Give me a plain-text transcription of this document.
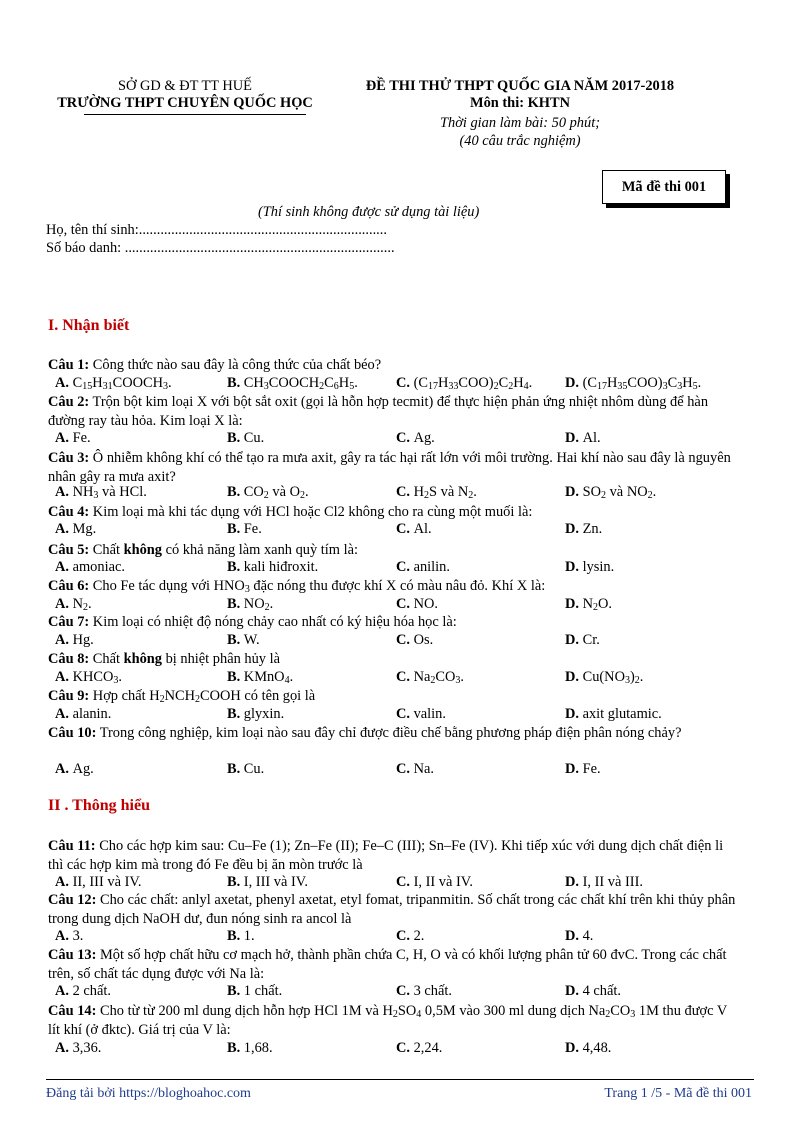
SỞ GD & ĐT TT HUẾ
TRƯỜNG THPT CHUYÊN QUỐC HỌC
ĐỀ THI THỬ THPT QUỐC GIA NĂM 2017-2018
Môn thi: KHTN
Thời gian làm bài: 50 phút;
(40 câu trắc nghiệm)
Mã đề thi 001
(Thí sinh không được sử dụng tài liệu)
Họ, tên thí sinh:.....................................................................
Số báo danh: ...........................................................................
I. Nhận biết
Câu 1: Công thức nào sau đây là công thức của chất béo?
A. $C_{15}H_{31}COOCH_3$.	B. $CH_3COOCH_2C_6H_5$.	C. $(C_{17}H_{33}COO)_2C_2H_4$. D. $(C_{17}H_{35}COO)_3C_3H_5$.
Câu 2: Trộn bột kim loại X với bột sắt oxit (gọi là hỗn hợp tecmit) để thực hiện phản ứng nhiệt nhôm dùng để hàn đường ray tàu hỏa. Kim loại X là:
A. Fe.	B. Cu.	C. Ag.	D. Al.
Câu 3: Ô nhiễm không khí có thể tạo ra mưa axit, gây ra tác hại rất lớn với môi trường. Hai khí nào sau đây là nguyên nhân gây ra mưa axit?
A. $NH_3$ và HCl.	B. $CO_2$ và $O_2$.	C. $H_2S$ và $N_2$.	D. $SO_2$ và $NO_2$.
Câu 4: Kim loại mà khi tác dụng với HCl hoặc Cl2 không cho ra cùng một muối là:
A. Mg.	B. Fe.	C. Al.	D. Zn.
Câu 5: Chất không có khả năng làm xanh quỳ tím là:
A. amoniac.	B. kali hiđroxit.	C. anilin.	D. lysin.
Câu 6: Cho Fe tác dụng với $HNO_3$ đặc nóng thu được khí X có màu nâu đỏ. Khí X là:
A. $N_2$.	B. $NO_2$.	C. NO.	D. $N_2O$.
Câu 7: Kim loại có nhiệt độ nóng chảy cao nhất có ký hiệu hóa học là:
A. Hg.	B. W.	C. Os.	D. Cr.
Câu 8: Chất không bị nhiệt phân hủy là
A. $KHCO_3$.	B. KMnO$_4$.	C. $Na_2CO_3$.	D. $Cu(NO_3)_2$.
Câu 9: Hợp chất $H_2NCH_2COOH$ có tên gọi là
A. alanin.	B. glyxin.	C. valin.	D. axit glutamic.
Câu 10: Trong công nghiệp, kim loại nào sau đây chỉ được điều chế bằng phương pháp điện phân nóng chảy?
A. Ag.	B. Cu.	C. Na.	D. Fe.
Câu 11: Cho các hợp kim sau: Cu–Fe (1); Zn–Fe (II); Fe–C (III); Sn–Fe (IV). Khi tiếp xúc với dung dịch chất điện li thì các hợp kim mà trong đó Fe đều bị ăn mòn trước là
A. II, III và IV.	B. I, III và IV.	C. I, II và IV.	D. I, II và III.
Câu 12: Cho các chất: anlyl axetat, phenyl axetat, etyl fomat, tripanmitin. Số chất trong các chất khí trên khi thủy phân trong dung dịch NaOH dư, đun nóng sinh ra ancol là
A. 3.	B. 1.	C. 2.	D. 4.
Câu 13: Một số hợp chất hữu cơ mạch hở, thành phần chứa C, H, O và có khối lượng phân tử 60 đvC. Trong các chất trên, số chất tác dụng được với Na là:
A. 2 chất.	B. 1 chất.	C. 3 chất.	D. 4 chất.
Câu 14: Cho từ từ 200 ml dung dịch hỗn hợp HCl 1M và $H_2SO_4$ 0,5M vào 300 ml dung dịch $Na_2CO_3$ 1M thu được V lít khí (ở đktc). Giá trị của V là:
A. 3,36.	B. 1,68.	C. 2,24.	D. 4,48.
II . Thông hiểu
Đăng tải bởi https://bloghoahoc.com	Trang 1 /5 - Mã đề thi 001
